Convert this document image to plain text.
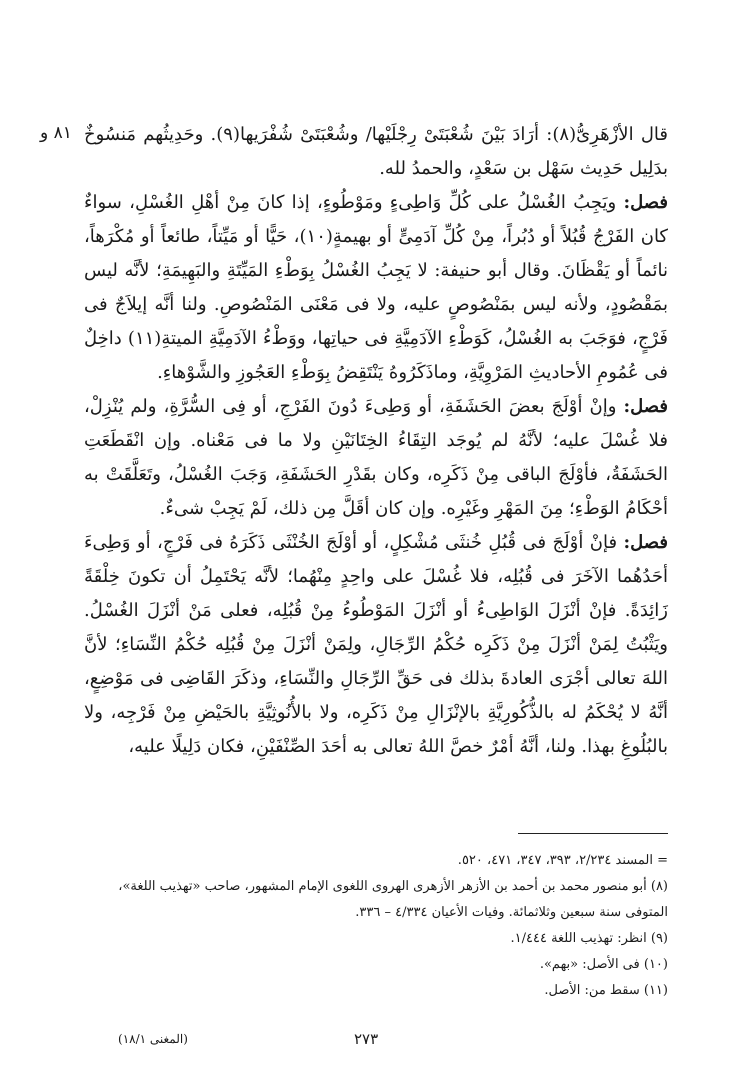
٨١ و قال الأزْهَرِىُّ(٨): أرَادَ بَيْنَ شُعْبَتَىْ رِجْلَيْها/ وشُعْبَتَىْ شُفْرَيها(٩). وحَدِيثُهم مَنسُوخٌ بدَلِيل حَدِيث سَهْل بن سَعْدٍ، والحمدُ لله.

فصل: ويَجِبُ الغُسْلُ على كُلِّ وَاطِىءٍ ومَوْطُوءٍ، إذا كانَ مِنْ أهْلِ الغُسْلِ، سواءٌ كان الفَرْجُ قُبُلاً أو دُبُراً، مِنْ كُلِّ آدَمِىٍّ أو بهيمةٍ(١٠)، حَيًّا أو مَيِّتاً، طائعاً أو مُكْرَهاً، نائماً أو يَقْظَانَ. وقال أبو حنيفة: لا يَجِبُ الغُسْلُ بِوَطْءِ المَيِّتَةِ والبَهِيمَةِ؛ لأنَّه ليس بمَقْصُودٍ، ولأنه ليس بمَنْصُوصٍ عليه، ولا فى مَعْنَى المَنْصُوصِ. ولنا أنَّه إيلاَجٌ فى فَرْجٍ، فوَجَبَ به الغُسْلُ، كَوَطْءِ الآدَمِيَّةِ فى حياتِها، ووَطْءُ الآدَمِيَّةِ الميتةِ(١١) داخِلٌ فى عُمُومِ الأحاديثِ المَرْوِيَّةِ، وماذَكَرُوهُ يَنْتَقِضُ بِوَطْءِ العَجُوزِ والشَّوْهاءِ.

فصل: وإنْ أوْلَجَ بعضَ الحَشَفَةِ، أو وَطِىءَ دُونَ الفَرْجِ، أو فِى السُّرَّةِ، ولم يُنْزِلْ، فلا غُسْلَ عليه؛ لأنَّهُ لم يُوجَد التِقَاءُ الخِتَانَيْنِ ولا ما فى مَعْناه. وإن انْقَطَعَتِ الحَشَفَةُ، فأوْلَجَ الباقى مِنْ ذَكَرِه، وكان بقَدْرِ الحَشَفَةِ، وَجَبَ الغُسْلُ، وتَعَلَّقَتْ به أحْكَامُ الوَطْءِ؛ مِنَ المَهْرِ وغَيْرِه. وإن كان أقَلَّ مِن ذلك، لَمْ يَجِبْ شىءٌ.

فصل: فإنْ أوْلَجَ فى قُبُلِ خُنثَى مُشْكِلٍ، أو أوْلَجَ الخُنْثَى ذَكَرَهُ فى فَرْجٍ، أو وَطِىءَ أحَدُهُما الآخَرَ فى قُبُلِه، فلا غُسْلَ على واحِدٍ مِنْهُما؛ لأنَّه يَحْتَمِلُ أن تكونَ خِلْقَةً زَائِدَةً. فإنْ أنْزَلَ الوَاطِىءُ أو أنْزَلَ المَوْطُوءُ مِنْ قُبُلِه، فعلى مَنْ أنْزَلَ الغُسْلُ. ويَثْبُتُ لِمَنْ أنْزَلَ مِنْ ذَكَرِه حُكْمُ الرِّجَالِ، ولِمَنْ أنْزَلَ مِنْ قُبُلِه حُكْمُ النِّسَاءِ؛ لأنَّ اللهَ تعالى أجْرَى العادةَ بذلك فى حَقِّ الرِّجَالِ والنِّسَاءِ، وذكَرَ القَاضِى فى مَوْضِعٍ، أنَّهُ لا يُحْكَمُ له بالذُّكُورِيَّةِ بالإنْزَالِ مِنْ ذَكَرِه، ولا بالأُنُوثِيَّةِ بالحَيْضِ مِنْ فَرْجِه، ولا بالبُلُوغِ بهذا. ولنا، أنَّهُ أمْرٌ خصَّ اللهُ تعالى به أحَدَ الصِّنْفَيْنِ، فكان دَلِيلًا عليه،

= المسند ٢/٢٣٤، ٣٩٣، ٣٤٧، ٤٧١، ٥٢٠.

(٨) أبو منصور محمد بن أحمد بن الأزهر الأزهرى الهروى اللغوى الإمام المشهور، صاحب «تهذيب اللغة»، المتوفى سنة سبعين وثلاثمائة. وفيات الأعيان ٤/٣٣٤ – ٣٣٦.

(٩) انظر: تهذيب اللغة ١/٤٤٤.

(١٠) فى الأصل: «بهم».

(١١) سقط من: الأصل.

٢٧٣
(المغنى ١٨/١)
